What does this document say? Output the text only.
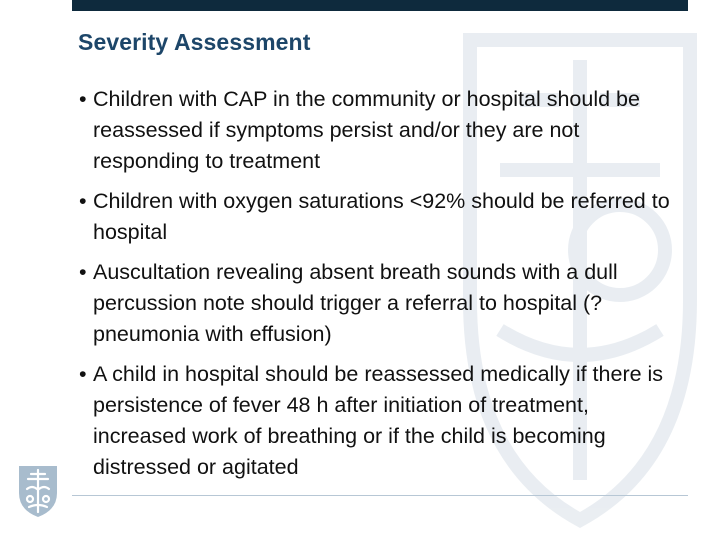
Severity Assessment
• Children with CAP in the community or hospital should be reassessed if symptoms persist and/or they are not responding to treatment
• Children with oxygen saturations <92% should be referred to hospital
• Auscultation revealing absent breath sounds with a dull percussion note should trigger a referral to hospital (? pneumonia with effusion)
• A child in hospital should be reassessed medically if there is persistence of fever 48 h after initiation of treatment, increased work of breathing or if the child is becoming distressed or agitated
